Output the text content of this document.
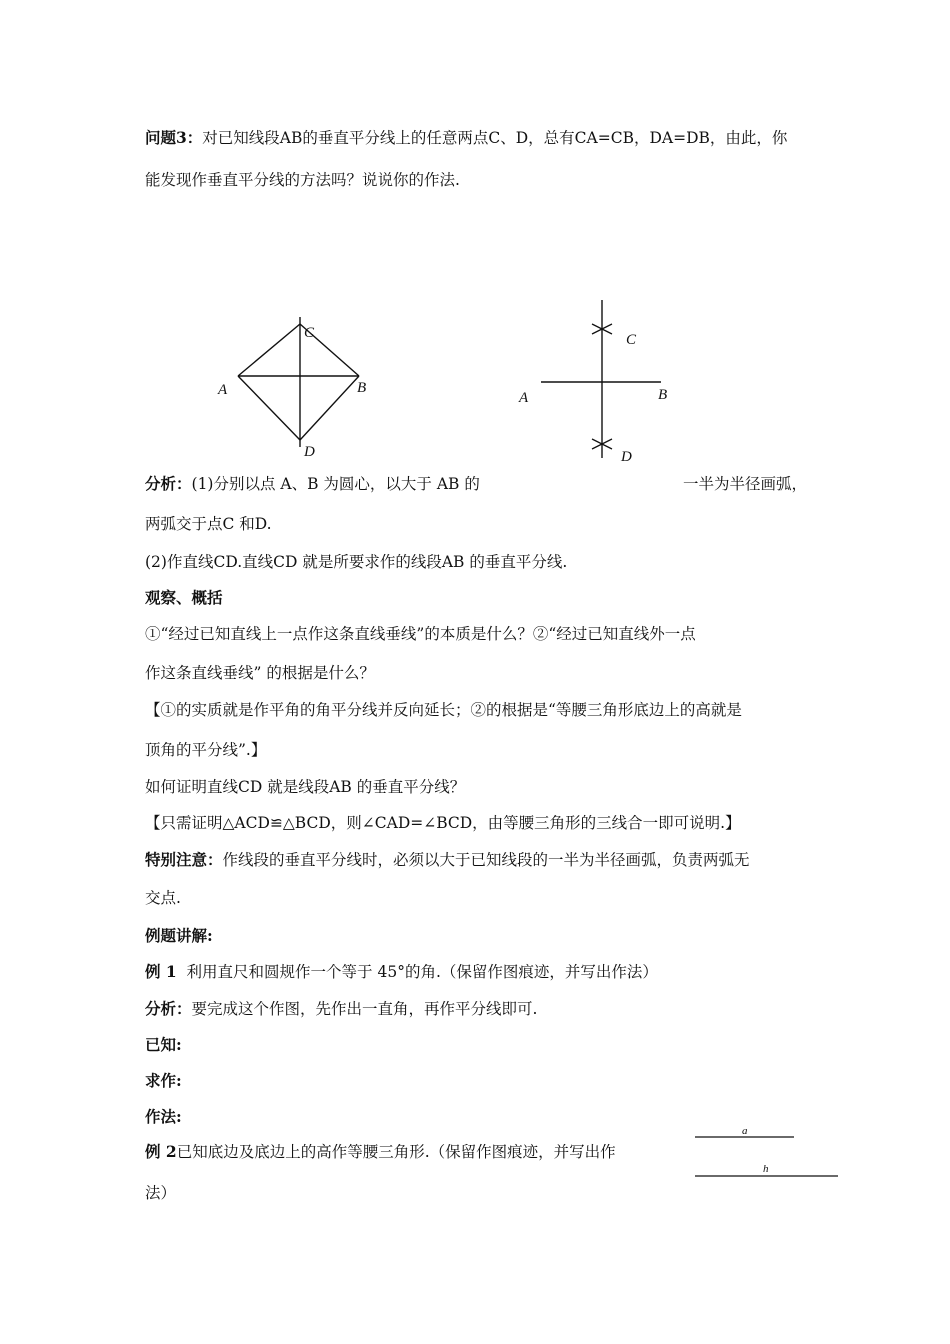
问题3：对已知线段AB的垂直平分线上的任意两点C、D，总有CA=CB，DA=DB，由此，你
能发现作垂直平分线的方法吗？说说你的作法.
C
A	B
D
C
A	B
D
分析：(1)分别以点 A、B 为圆心，以大于 AB 的	一半为半径画弧，
两弧交于点C 和D.
(2)作直线CD.直线CD 就是所要求作的线段AB 的垂直平分线.
观察、概括
①“经过已知直线上一点作这条直线垂线”的本质是什么？②“经过已知直线外一点
作这条直线垂线” 的根据是什么？
【①的实质就是作平角的角平分线并反向延长；②的根据是“等腰三角形底边上的高就是
顶角的平分线”.】
如何证明直线CD 就是线段AB 的垂直平分线？
【只需证明△ACD≌△BCD，则∠CAD=∠BCD，由等腰三角形的三线合一即可说明.】
特别注意：作线段的垂直平分线时，必须以大于已知线段的一半为半径画弧，负责两弧无
交点.
例题讲解:
例 1  利用直尺和圆规作一个等于 45°的角.（保留作图痕迹，并写出作法）
分析：要完成这个作图，先作出一直角，再作平分线即可.
已知:
求作:
作法:
例 2已知底边及底边上的高作等腰三角形.（保留作图痕迹，并写出作
法）
a
h
